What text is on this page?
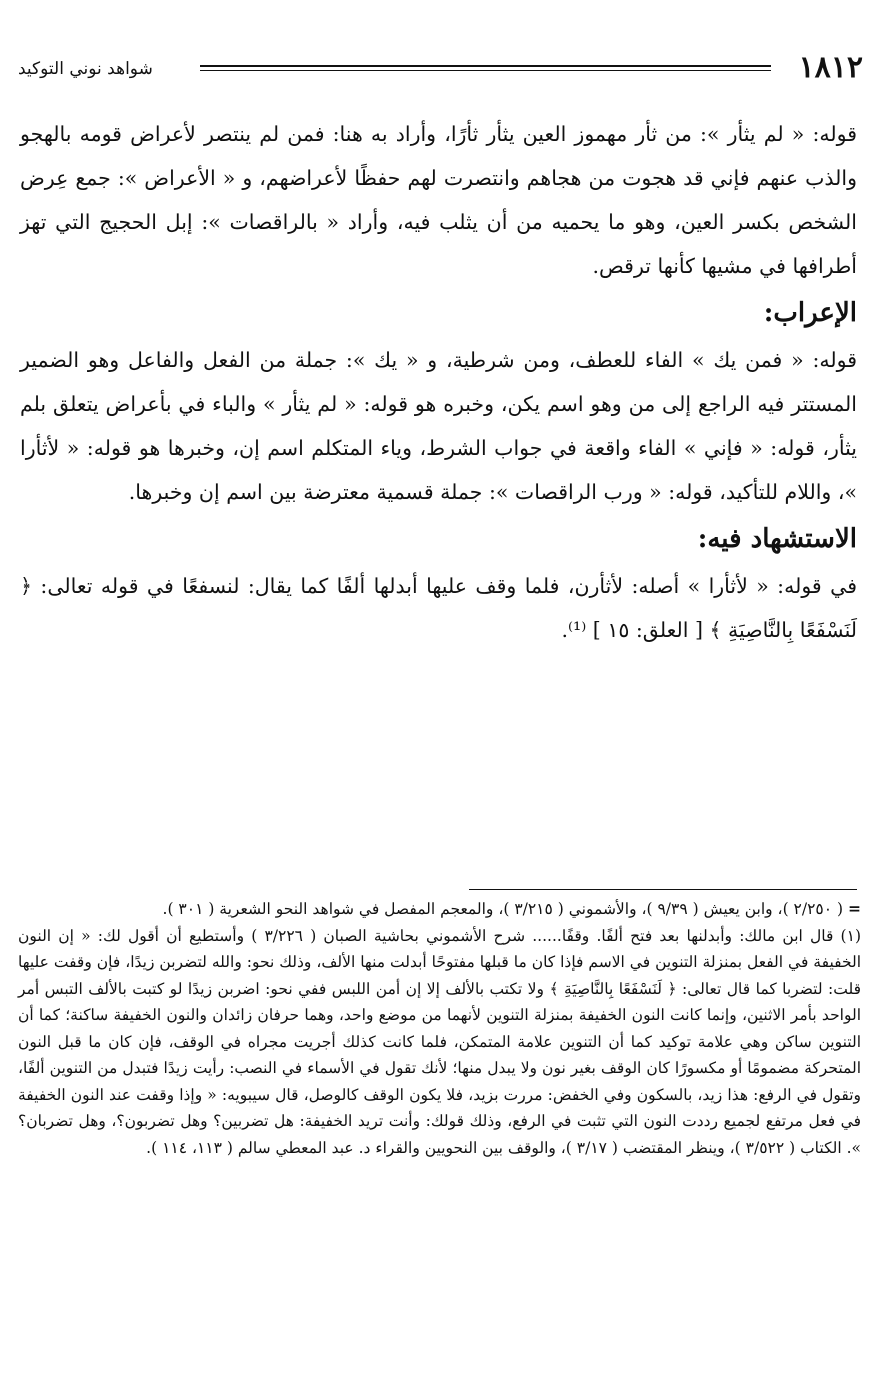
١٨١٢
شواهد نوني التوكيد

قوله: « لم يثأر »: من ثأر مهموز العين يثأر ثأرًا، وأراد به هنا: فمن لم ينتصر لأعراض قومه بالهجو والذب عنهم فإني قد هجوت من هجاهم وانتصرت لهم حفظًا لأعراضهم، و « الأعراض »: جمع عِرض الشخص بكسر العين، وهو ما يحميه من أن يثلب فيه، وأراد « بالراقصات »: إبل الحجيج التي تهز أطرافها في مشيها كأنها ترقص.

الإعراب:

قوله: « فمن يك » الفاء للعطف، ومن شرطية، و « يك »: جملة من الفعل والفاعل وهو الضمير المستتر فيه الراجع إلى من وهو اسم يكن، وخبره هو قوله: « لم يثأر » والباء في بأعراض يتعلق بلم يثأر، قوله: « فإني » الفاء واقعة في جواب الشرط، وياء المتكلم اسم إن، وخبرها هو قوله: « لأثأرا »، واللام للتأكيد، قوله: « ورب الراقصات »: جملة قسمية معترضة بين اسم إن وخبرها.

الاستشهاد فيه:

في قوله: « لأثأرا » أصله: لأثأرن، فلما وقف عليها أبدلها ألفًا كما يقال: لنسفعًا في قوله تعالى: ﴿ لَنَسْفَعًا بِالنَّاصِيَةِ ﴾ [ العلق: ١٥ ] ⁽¹⁾.

= ( ٢/٢٥٠ )، وابن يعيش ( ٩/٣٩ )، والأشموني ( ٣/٢١٥ )، والمعجم المفصل في شواهد النحو الشعرية ( ٣٠١ ).

(١) قال ابن مالك: وأبدلنها بعد فتح ألفًا. وقفًا...... شرح الأشموني بحاشية الصبان ( ٣/٢٢٦ ) وأستطيع أن أقول لك: « إن النون الخفيفة في الفعل بمنزلة التنوين في الاسم فإذا كان ما قبلها مفتوحًا أبدلت منها الألف، وذلك نحو: والله لتضربن زيدًا، فإن وقفت عليها قلت: لتضربا كما قال تعالى: ﴿ لَنَسْفَعًا بِالنَّاصِيَةِ ﴾ ولا تكتب بالألف إلا إن أمن اللبس ففي نحو: اضربن زيدًا لو كتبت بالألف التبس أمر الواحد بأمر الاثنين، وإنما كانت النون الخفيفة بمنزلة التنوين لأنهما من موضع واحد، وهما حرفان زائدان والنون الخفيفة ساكنة؛ كما أن التنوين ساكن وهي علامة توكيد كما أن التنوين علامة المتمكن، فلما كانت كذلك أجريت مجراه في الوقف، فإن كان ما قبل النون المتحركة مضمومًا أو مكسورًا كان الوقف بغير نون ولا يبدل منها؛ لأنك تقول في الأسماء في النصب: رأيت زيدًا فتبدل من التنوين ألفًا، وتقول في الرفع: هذا زيد، بالسكون وفي الخفض: مررت بزيد، فلا يكون الوقف كالوصل، قال سيبويه: « وإذا وقفت عند النون الخفيفة في فعل مرتفع لجميع رددت النون التي تثبت في الرفع، وذلك قولك: وأنت تريد الخفيفة: هل تضربين؟ وهل تضربون؟، وهل تضربان؟ ». الكتاب ( ٣/٥٢٢ )، وينظر المقتضب ( ٣/١٧ )، والوقف بين النحويين والقراء د. عبد المعطي سالم ( ١١٣، ١١٤ ).
